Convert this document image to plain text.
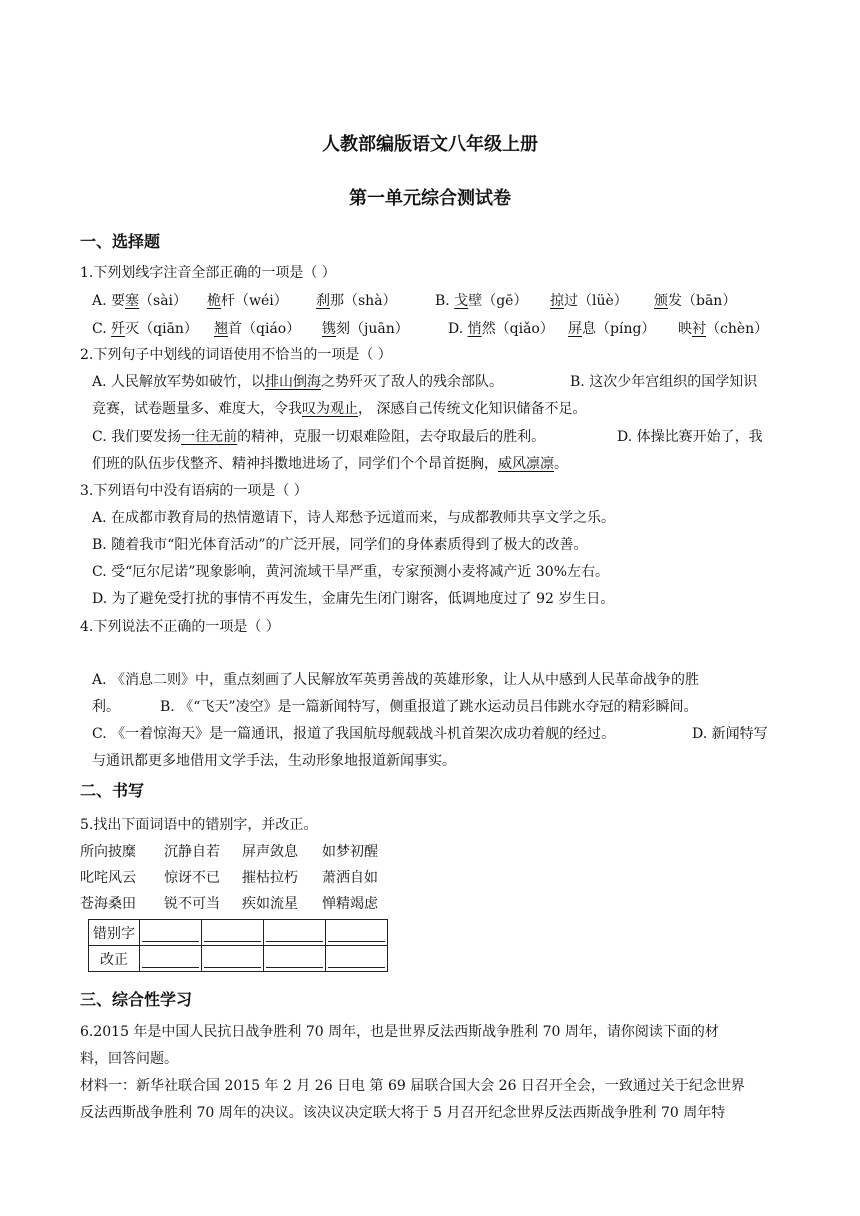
人教部编版语文八年级上册
第一单元综合测试卷
一、选择题
1.下列划线字注音全部正确的一项是（ ）
A. 要塞（sài） 桅杆（wéi） 刹那（shà）	B. 戈壁（gē） 掠过（lüè） 颁发（bān）
C. 歼灭（qiān） 翘首（qiáo） 镌刻（juān）	D. 悄然（qiǎo） 屏息（píng） 映衬（chèn）
2.下列句子中划线的词语使用不恰当的一项是（ ）
A. 人民解放军势如破竹，以排山倒海之势歼灭了敌人的残余部队。	B. 这次少年宫组织的国学知识
竞赛，试卷题量多、难度大，令我叹为观止， 深感自己传统文化知识储备不足。
C. 我们要发扬一往无前的精神，克服一切艰难险阻，去夺取最后的胜利。	D. 体操比赛开始了，我
们班的队伍步伐整齐、精神抖擞地进场了，同学们个个昂首挺胸，威风凛凛。
3.下列语句中没有语病的一项是（ ）
A. 在成都市教育局的热情邀请下，诗人郑愁予远道而来，与成都教师共享文学之乐。
B. 随着我市“阳光体育活动”的广泛开展，同学们的身体素质得到了极大的改善。
C. 受“厄尔尼诺”现象影响，黄河流域干旱严重，专家预测小麦将减产近 30%左右。
D. 为了避免受打扰的事情不再发生，金庸先生闭门谢客，低调地度过了 92 岁生日。
4.下列说法不正确的一项是（ ）
A. 《消息二则》中，重点刻画了人民解放军英勇善战的英雄形象，让人从中感到人民革命战争的胜
利。	B. 《“飞天”凌空》是一篇新闻特写，侧重报道了跳水运动员吕伟跳水夺冠的精彩瞬间。
C. 《一着惊海天》是一篇通讯，报道了我国航母舰载战斗机首架次成功着舰的经过。	D. 新闻特写
与通讯都更多地借用文学手法，生动形象地报道新闻事实。
二、书写
5.找出下面词语中的错别字，并改正。
所向披糜 沉静自若 屏声敛息 如梦初醒
叱咤风云 惊讶不已 摧枯拉朽 萧洒自如
苍海桑田 锐不可当 疾如流星 惮精竭虑
错别字				
改正				
三、综合性学习
6.2015 年是中国人民抗日战争胜利 70 周年，也是世界反法西斯战争胜利 70 周年，请你阅读下面的材
料，回答问题。
材料一：新华社联合国 2015 年 2 月 26 日电 第 69 届联合国大会 26 日召开全会，一致通过关于纪念世界
反法西斯战争胜利 70 周年的决议。该决议决定联大将于 5 月召开纪念世界反法西斯战争胜利 70 周年特
